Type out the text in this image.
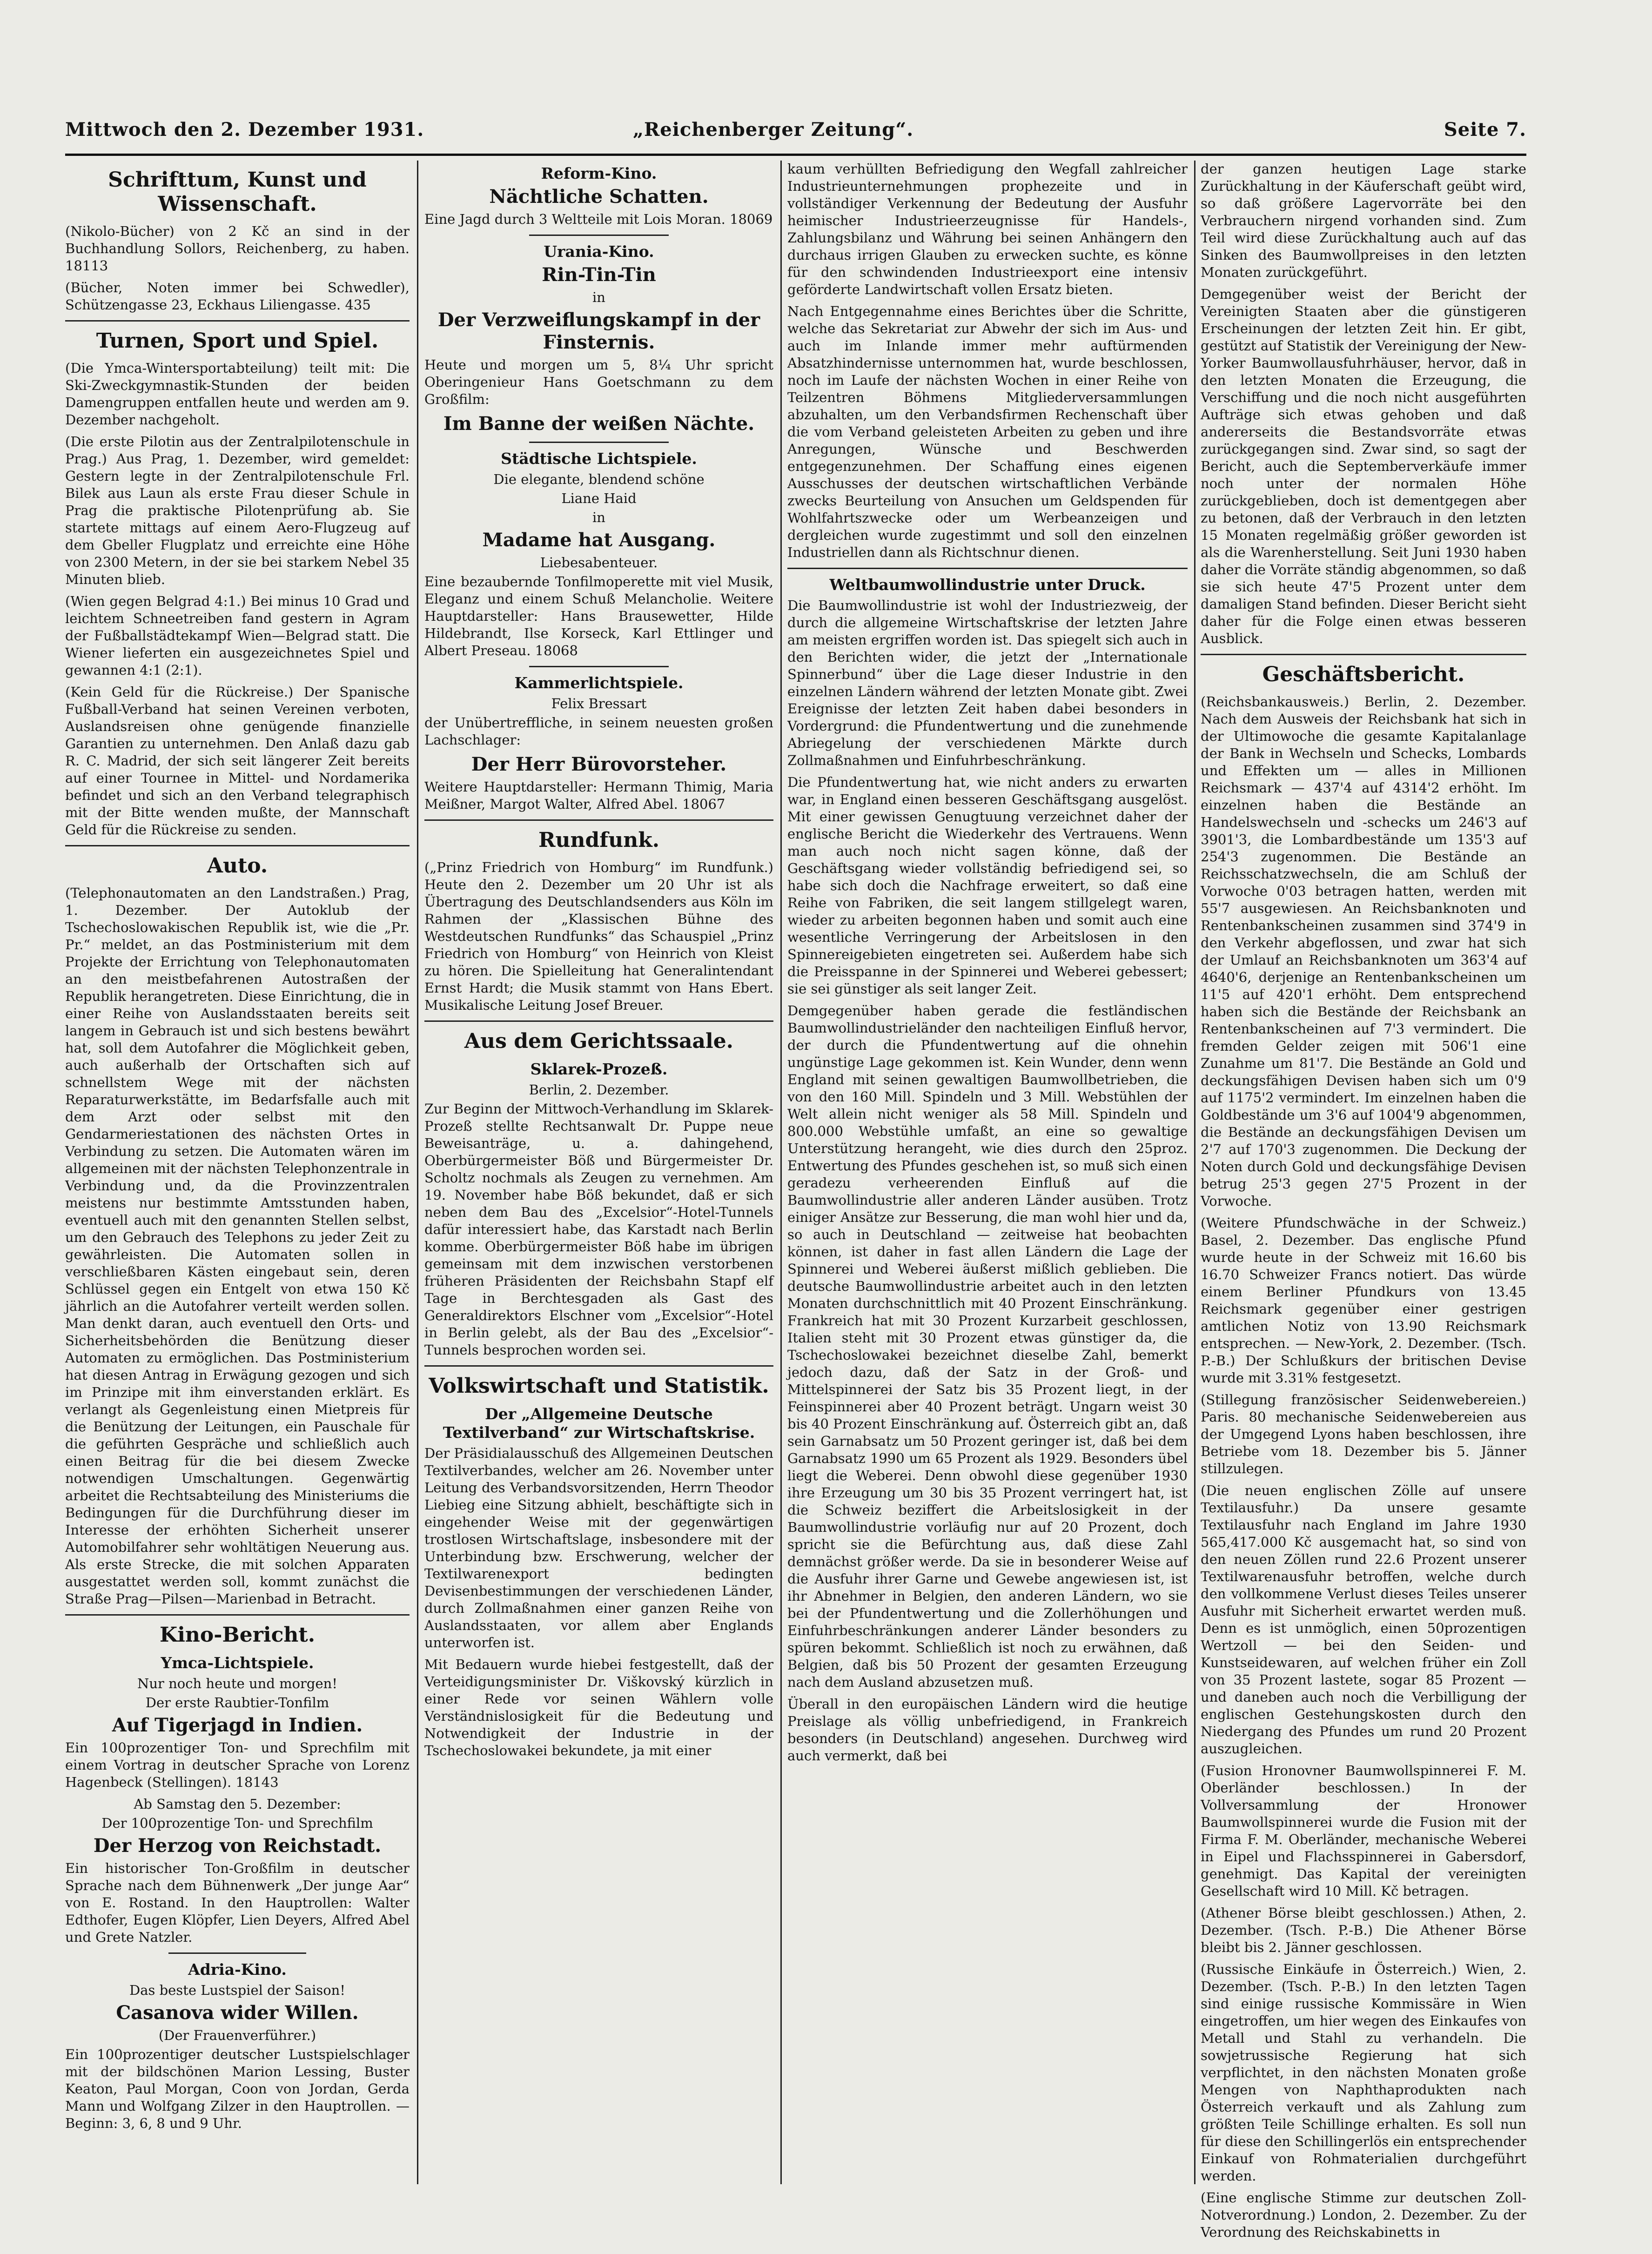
Mittwoch den 2. Dezember 1931.	„Reichenberger Zeitung“.	Seite 7.
Schrifttum, Kunst und Wissenschaft.

(Nikolo-Bücher) von 2 Kč an sind in der Buchhandlung Sollors, Reichenberg, zu haben. 18113

(Bücher, Noten immer bei Schwedler), Schützengasse 23, Eckhaus Liliengasse. 435

Turnen, Sport und Spiel.

(Die Ymca-Wintersportabteilung) teilt mit: Die Ski-Zweckgymnastik-Stunden der beiden Damengruppen entfallen heute und werden am 9. Dezember nachgeholt.

(Die erste Pilotin aus der Zentralpilotenschule in Prag.) Aus Prag, 1. Dezember, wird gemeldet: Gestern legte in der Zentralpilotenschule Frl. Bilek aus Laun als erste Frau dieser Schule in Prag die praktische Pilotenprüfung ab. Sie startete mittags auf einem Aero-Flugzeug auf dem Gbeller Flugplatz und erreichte eine Höhe von 2300 Metern, in der sie bei starkem Nebel 35 Minuten blieb.

(Wien gegen Belgrad 4:1.) Bei minus 10 Grad und leichtem Schneetreiben fand gestern in Agram der Fußballstädtekampf Wien—Belgrad statt. Die Wiener lieferten ein ausgezeichnetes Spiel und gewannen 4:1 (2:1).

(Kein Geld für die Rückreise.) Der Spanische Fußball-Verband hat seinen Vereinen verboten, Auslandsreisen ohne genügende finanzielle Garantien zu unternehmen. Den Anlaß dazu gab R. C. Madrid, der sich seit längerer Zeit bereits auf einer Tournee in Mittel- und Nordamerika befindet und sich an den Verband telegraphisch mit der Bitte wenden mußte, der Mannschaft Geld für die Rückreise zu senden.

Auto.

(Telephonautomaten an den Landstraßen.) Prag, 1. Dezember. Der Autoklub der Tschechoslowakischen Republik ist, wie die „Pr. Pr.“ meldet, an das Postministerium mit dem Projekte der Errichtung von Telephonautomaten an den meistbefahrenen Autostraßen der Republik herangetreten. Diese Einrichtung, die in einer Reihe von Auslandsstaaten bereits seit langem in Gebrauch ist und sich bestens bewährt hat, soll dem Autofahrer die Möglichkeit geben, auch außerhalb der Ortschaften sich auf schnellstem Wege mit der nächsten Reparaturwerkstätte, im Bedarfsfalle auch mit dem Arzt oder selbst mit den Gendarmeriestationen des nächsten Ortes in Verbindung zu setzen. Die Automaten wären im allgemeinen mit der nächsten Telephonzentrale in Verbindung und, da die Provinzzentralen meistens nur bestimmte Amtsstunden haben, eventuell auch mit den genannten Stellen selbst, um den Gebrauch des Telephons zu jeder Zeit zu gewährleisten. Die Automaten sollen in verschließbaren Kästen eingebaut sein, deren Schlüssel gegen ein Entgelt von etwa 150 Kč jährlich an die Autofahrer verteilt werden sollen. Man denkt daran, auch eventuell den Orts- und Sicherheitsbehörden die Benützung dieser Automaten zu ermöglichen. Das Postministerium hat diesen Antrag in Erwägung gezogen und sich im Prinzipe mit ihm einverstanden erklärt. Es verlangt als Gegenleistung einen Mietpreis für die Benützung der Leitungen, ein Pauschale für die geführten Gespräche und schließlich auch einen Beitrag für die bei diesem Zwecke notwendigen Umschaltungen. Gegenwärtig arbeitet die Rechtsabteilung des Ministeriums die Bedingungen für die Durchführung dieser im Interesse der erhöhten Sicherheit unserer Automobilfahrer sehr wohltätigen Neuerung aus. Als erste Strecke, die mit solchen Apparaten ausgestattet werden soll, kommt zunächst die Straße Prag—Pilsen—Marienbad in Betracht.

Kino-Bericht.
Ymca-Lichtspiele.
Nur noch heute und morgen!
Der erste Raubtier-Tonfilm
Auf Tigerjagd in Indien.

Ein 100prozentiger Ton- und Sprechfilm mit einem Vortrag in deutscher Sprache von Lorenz Hagenbeck (Stellingen). 18143

Ab Samstag den 5. Dezember:
Der 100prozentige Ton- und Sprechfilm
Der Herzog von Reichstadt.

Ein historischer Ton-Großfilm in deutscher Sprache nach dem Bühnenwerk „Der junge Aar“ von E. Rostand. In den Hauptrollen: Walter Edthofer, Eugen Klöpfer, Lien Deyers, Alfred Abel und Grete Natzler.

Adria-Kino.
Das beste Lustspiel der Saison!
Casanova wider Willen.
(Der Frauenverführer.)

Ein 100prozentiger deutscher Lustspielschlager mit der bildschönen Marion Lessing, Buster Keaton, Paul Morgan, Coon von Jordan, Gerda Mann und Wolfgang Zilzer in den Hauptrollen. — Beginn: 3, 6, 8 und 9 Uhr.

Reform-Kino.
Nächtliche Schatten.

Eine Jagd durch 3 Weltteile mit Lois Moran. 18069

Urania-Kino.
Rin-Tin-Tin
in
Der Verzweiflungskampf in der Finsternis.

Heute und morgen um 5, 8¼ Uhr spricht Oberingenieur Hans Goetschmann zu dem Großfilm:

Im Banne der weißen Nächte.
Städtische Lichtspiele.
Die elegante, blendend schöne
Liane Haid
in
Madame hat Ausgang.
Liebesabenteuer.

Eine bezaubernde Tonfilmoperette mit viel Musik, Eleganz und einem Schuß Melancholie. Weitere Hauptdarsteller: Hans Brausewetter, Hilde Hildebrandt, Ilse Korseck, Karl Ettlinger und Albert Preseau. 18068

Kammerlichtspiele.
Felix Bressart

der Unübertreffliche, in seinem neuesten großen Lachschlager:

Der Herr Bürovorsteher.

Weitere Hauptdarsteller: Hermann Thimig, Maria Meißner, Margot Walter, Alfred Abel. 18067

Rundfunk.

(„Prinz Friedrich von Homburg“ im Rundfunk.) Heute den 2. Dezember um 20 Uhr ist als Übertragung des Deutschlandsenders aus Köln im Rahmen der „Klassischen Bühne des Westdeutschen Rundfunks“ das Schauspiel „Prinz Friedrich von Homburg“ von Heinrich von Kleist zu hören. Die Spielleitung hat Generalintendant Ernst Hardt; die Musik stammt von Hans Ebert. Musikalische Leitung Josef Breuer.

Aus dem Gerichtssaale.
Sklarek-Prozeß.
Berlin, 2. Dezember.

Zur Beginn der Mittwoch-Verhandlung im Sklarek-Prozeß stellte Rechtsanwalt Dr. Puppe neue Beweisanträge, u. a. dahingehend, Oberbürgermeister Böß und Bürgermeister Dr. Scholtz nochmals als Zeugen zu vernehmen. Am 19. November habe Böß bekundet, daß er sich neben dem Bau des „Excelsior“-Hotel-Tunnels dafür interessiert habe, das Karstadt nach Berlin komme. Oberbürgermeister Böß habe im übrigen gemeinsam mit dem inzwischen verstorbenen früheren Präsidenten der Reichsbahn Stapf elf Tage in Berchtesgaden als Gast des Generaldirektors Elschner vom „Excelsior“-Hotel in Berlin gelebt, als der Bau des „Excelsior“-Tunnels besprochen worden sei.

Volkswirtschaft und Statistik.
Der „Allgemeine Deutsche Textilverband“ zur Wirtschaftskrise.

Der Präsidialausschuß des Allgemeinen Deutschen Textilverbandes, welcher am 26. November unter Leitung des Verbandsvorsitzenden, Herrn Theodor Liebieg eine Sitzung abhielt, beschäftigte sich in eingehender Weise mit der gegenwärtigen trostlosen Wirtschaftslage, insbesondere mit der Unterbindung bzw. Erschwerung, welcher der Textilwarenexport bedingten Devisenbestimmungen der verschiedenen Länder, durch Zollmaßnahmen einer ganzen Reihe von Auslandsstaaten, vor allem aber Englands unterworfen ist.

Mit Bedauern wurde hiebei festgestellt, daß der Verteidigungsminister Dr. Viškovský kürzlich in einer Rede vor seinen Wählern volle Verständnislosigkeit für die Bedeutung und Notwendigkeit der Industrie in der Tschechoslowakei bekundete, ja mit einer

kaum verhüllten Befriedigung den Wegfall zahlreicher Industrieunternehmungen prophezeite und in vollständiger Verkennung der Bedeutung der Ausfuhr heimischer Industrieerzeugnisse für Handels-, Zahlungsbilanz und Währung bei seinen Anhängern den durchaus irrigen Glauben zu erwecken suchte, es könne für den schwindenden Industrieexport eine intensiv geförderte Landwirtschaft vollen Ersatz bieten.

Nach Entgegennahme eines Berichtes über die Schritte, welche das Sekretariat zur Abwehr der sich im Aus- und auch im Inlande immer mehr auftürmenden Absatzhindernisse unternommen hat, wurde beschlossen, noch im Laufe der nächsten Wochen in einer Reihe von Teilzentren Böhmens Mitgliederversammlungen abzuhalten, um den Verbandsfirmen Rechenschaft über die vom Verband geleisteten Arbeiten zu geben und ihre Anregungen, Wünsche und Beschwerden entgegenzunehmen. Der Schaffung eines eigenen Ausschusses der deutschen wirtschaftlichen Verbände zwecks Beurteilung von Ansuchen um Geldspenden für Wohlfahrtszwecke oder um Werbeanzeigen und dergleichen wurde zugestimmt und soll den einzelnen Industriellen dann als Richtschnur dienen.

Weltbaumwollindustrie unter Druck.

Die Baumwollindustrie ist wohl der Industriezweig, der durch die allgemeine Wirtschaftskrise der letzten Jahre am meisten ergriffen worden ist. Das spiegelt sich auch in den Berichten wider, die jetzt der „Internationale Spinnerbund“ über die Lage dieser Industrie in den einzelnen Ländern während der letzten Monate gibt. Zwei Ereignisse der letzten Zeit haben dabei besonders in Vordergrund: die Pfundentwertung und die zunehmende Abriegelung der verschiedenen Märkte durch Zollmaßnahmen und Einfuhrbeschränkung.

Die Pfundentwertung hat, wie nicht anders zu erwarten war, in England einen besseren Geschäftsgang ausgelöst. Mit einer gewissen Genugtuung verzeichnet daher der englische Bericht die Wiederkehr des Vertrauens. Wenn man auch noch nicht sagen könne, daß der Geschäftsgang wieder vollständig befriedigend sei, so habe sich doch die Nachfrage erweitert, so daß eine Reihe von Fabriken, die seit langem stillgelegt waren, wieder zu arbeiten begonnen haben und somit auch eine wesentliche Verringerung der Arbeitslosen in den Spinnereigebieten eingetreten sei. Außerdem habe sich die Preisspanne in der Spinnerei und Weberei gebessert; sie sei günstiger als seit langer Zeit.

Demgegenüber haben gerade die festländischen Baumwollindustrieländer den nachteiligen Einfluß hervor, der durch die Pfundentwertung auf die ohnehin ungünstige Lage gekommen ist. Kein Wunder, denn wenn England mit seinen gewaltigen Baumwollbetrieben, die von den 160 Mill. Spindeln und 3 Mill. Webstühlen der Welt allein nicht weniger als 58 Mill. Spindeln und 800.000 Webstühle umfaßt, an eine so gewaltige Unterstützung herangeht, wie dies durch den 25proz. Entwertung des Pfundes geschehen ist, so muß sich einen geradezu verheerenden Einfluß auf die Baumwollindustrie aller anderen Länder ausüben. Trotz einiger Ansätze zur Besserung, die man wohl hier und da, so auch in Deutschland — zeitweise hat beobachten können, ist daher in fast allen Ländern die Lage der Spinnerei und Weberei äußerst mißlich geblieben. Die deutsche Baumwollindustrie arbeitet auch in den letzten Monaten durchschnittlich mit 40 Prozent Einschränkung. Frankreich hat mit 30 Prozent Kurzarbeit geschlossen, Italien steht mit 30 Prozent etwas günstiger da, die Tschechoslowakei bezeichnet dieselbe Zahl, bemerkt jedoch dazu, daß der Satz in der Groß- und Mittelspinnerei der Satz bis 35 Prozent liegt, in der Feinspinnerei aber 40 Prozent beträgt. Ungarn weist 30 bis 40 Prozent Einschränkung auf. Österreich gibt an, daß sein Garnabsatz um 50 Prozent geringer ist, daß bei dem Garnabsatz 1990 um 65 Prozent als 1929. Besonders übel liegt die Weberei. Denn obwohl diese gegenüber 1930 ihre Erzeugung um 30 bis 35 Prozent verringert hat, ist die Schweiz beziffert die Arbeitslosigkeit in der Baumwollindustrie vorläufig nur auf 20 Prozent, doch spricht sie die Befürchtung aus, daß diese Zahl demnächst größer werde. Da sie in besonderer Weise auf die Ausfuhr ihrer Garne und Gewebe angewiesen ist, ist ihr Abnehmer in Belgien, den anderen Ländern, wo sie bei der Pfundentwertung und die Zollerhöhungen und Einfuhrbeschränkungen anderer Länder besonders zu spüren bekommt. Schließlich ist noch zu erwähnen, daß Belgien, daß bis 50 Prozent der gesamten Erzeugung nach dem Ausland abzusetzen muß.

Überall in den europäischen Ländern wird die heutige Preislage als völlig unbefriedigend, in Frankreich besonders (in Deutschland) angesehen. Durchweg wird auch vermerkt, daß bei

der ganzen heutigen Lage starke Zurückhaltung in der Käuferschaft geübt wird, so daß größere Lagervorräte bei den Verbrauchern nirgend vorhanden sind. Zum Teil wird diese Zurückhaltung auch auf das Sinken des Baumwollpreises in den letzten Monaten zurückgeführt.

Demgegenüber weist der Bericht der Vereinigten Staaten aber die günstigeren Erscheinungen der letzten Zeit hin. Er gibt, gestützt auf Statistik der Vereinigung der New-Yorker Baumwollausfuhrhäuser, hervor, daß in den letzten Monaten die Erzeugung, die Verschiffung und die noch nicht ausgeführten Aufträge sich etwas gehoben und daß andererseits die Bestandsvorräte etwas zurückgegangen sind. Zwar sind, so sagt der Bericht, auch die Septemberverkäufe immer noch unter der normalen Höhe zurückgeblieben, doch ist dementgegen aber zu betonen, daß der Verbrauch in den letzten 15 Monaten regelmäßig größer geworden ist als die Warenherstellung. Seit Juni 1930 haben daher die Vorräte ständig abgenommen, so daß sie sich heute 47'5 Prozent unter dem damaligen Stand befinden. Dieser Bericht sieht daher für die Folge einen etwas besseren Ausblick.

Geschäftsbericht.

(Reichsbankausweis.) Berlin, 2. Dezember. Nach dem Ausweis der Reichsbank hat sich in der Ultimowoche die gesamte Kapitalanlage der Bank in Wechseln und Schecks, Lombards und Effekten um — alles in Millionen Reichsmark — 437'4 auf 4314'2 erhöht. Im einzelnen haben die Bestände an Handelswechseln und -schecks um 246'3 auf 3901'3, die Lombardbestände um 135'3 auf 254'3 zugenommen. Die Bestände an Reichsschatzwechseln, die am Schluß der Vorwoche 0'03 betragen hatten, werden mit 55'7 ausgewiesen. An Reichsbanknoten und Rentenbankscheinen zusammen sind 374'9 in den Verkehr abgeflossen, und zwar hat sich der Umlauf an Reichsbanknoten um 363'4 auf 4640'6, derjenige an Rentenbankscheinen um 11'5 auf 420'1 erhöht. Dem entsprechend haben sich die Bestände der Reichsbank an Rentenbankscheinen auf 7'3 vermindert. Die fremden Gelder zeigen mit 506'1 eine Zunahme um 81'7. Die Bestände an Gold und deckungsfähigen Devisen haben sich um 0'9 auf 1175'2 vermindert. Im einzelnen haben die Goldbestände um 3'6 auf 1004'9 abgenommen, die Bestände an deckungsfähigen Devisen um 2'7 auf 170'3 zugenommen. Die Deckung der Noten durch Gold und deckungsfähige Devisen betrug 25'3 gegen 27'5 Prozent in der Vorwoche.

(Weitere Pfundschwäche in der Schweiz.) Basel, 2. Dezember. Das englische Pfund wurde heute in der Schweiz mit 16.60 bis 16.70 Schweizer Francs notiert. Das würde einem Berliner Pfundkurs von 13.45 Reichsmark gegenüber einer gestrigen amtlichen Notiz von 13.90 Reichsmark entsprechen. — New-York, 2. Dezember. (Tsch. P.-B.) Der Schlußkurs der britischen Devise wurde mit 3.31% festgesetzt.

(Stillegung französischer Seidenwebereien.) Paris. 80 mechanische Seidenwebereien aus der Umgegend Lyons haben beschlossen, ihre Betriebe vom 18. Dezember bis 5. Jänner stillzulegen.

(Die neuen englischen Zölle auf unsere Textilausfuhr.) Da unsere gesamte Textilausfuhr nach England im Jahre 1930 565,417.000 Kč ausgemacht hat, so sind von den neuen Zöllen rund 22.6 Prozent unserer Textilwarenausfuhr betroffen, welche durch den vollkommene Verlust dieses Teiles unserer Ausfuhr mit Sicherheit erwartet werden muß. Denn es ist unmöglich, einen 50prozentigen Wertzoll — bei den Seiden- und Kunstseidewaren, auf welchen früher ein Zoll von 35 Prozent lastete, sogar 85 Prozent — und daneben auch noch die Verbilligung der englischen Gestehungskosten durch den Niedergang des Pfundes um rund 20 Prozent auszugleichen.

(Fusion Hronovner Baumwollspinnerei F. M. Oberländer beschlossen.) In der Vollversammlung der Hronower Baumwollspinnerei wurde die Fusion mit der Firma F. M. Oberländer, mechanische Weberei in Eipel und Flachsspinnerei in Gabersdorf, genehmigt. Das Kapital der vereinigten Gesellschaft wird 10 Mill. Kč betragen.

(Athener Börse bleibt geschlossen.) Athen, 2. Dezember. (Tsch. P.-B.) Die Athener Börse bleibt bis 2. Jänner geschlossen.

(Russische Einkäufe in Österreich.) Wien, 2. Dezember. (Tsch. P.-B.) In den letzten Tagen sind einige russische Kommissäre in Wien eingetroffen, um hier wegen des Einkaufes von Metall und Stahl zu verhandeln. Die sowjetrussische Regierung hat sich verpflichtet, in den nächsten Monaten große Mengen von Naphthaprodukten nach Österreich verkauft und als Zahlung zum größten Teile Schillinge erhalten. Es soll nun für diese den Schillingerlös ein entsprechender Einkauf von Rohmaterialien durchgeführt werden.

(Eine englische Stimme zur deutschen Zoll-Notverordnung.) London, 2. Dezember. Zu der Verordnung des Reichskabinetts in
